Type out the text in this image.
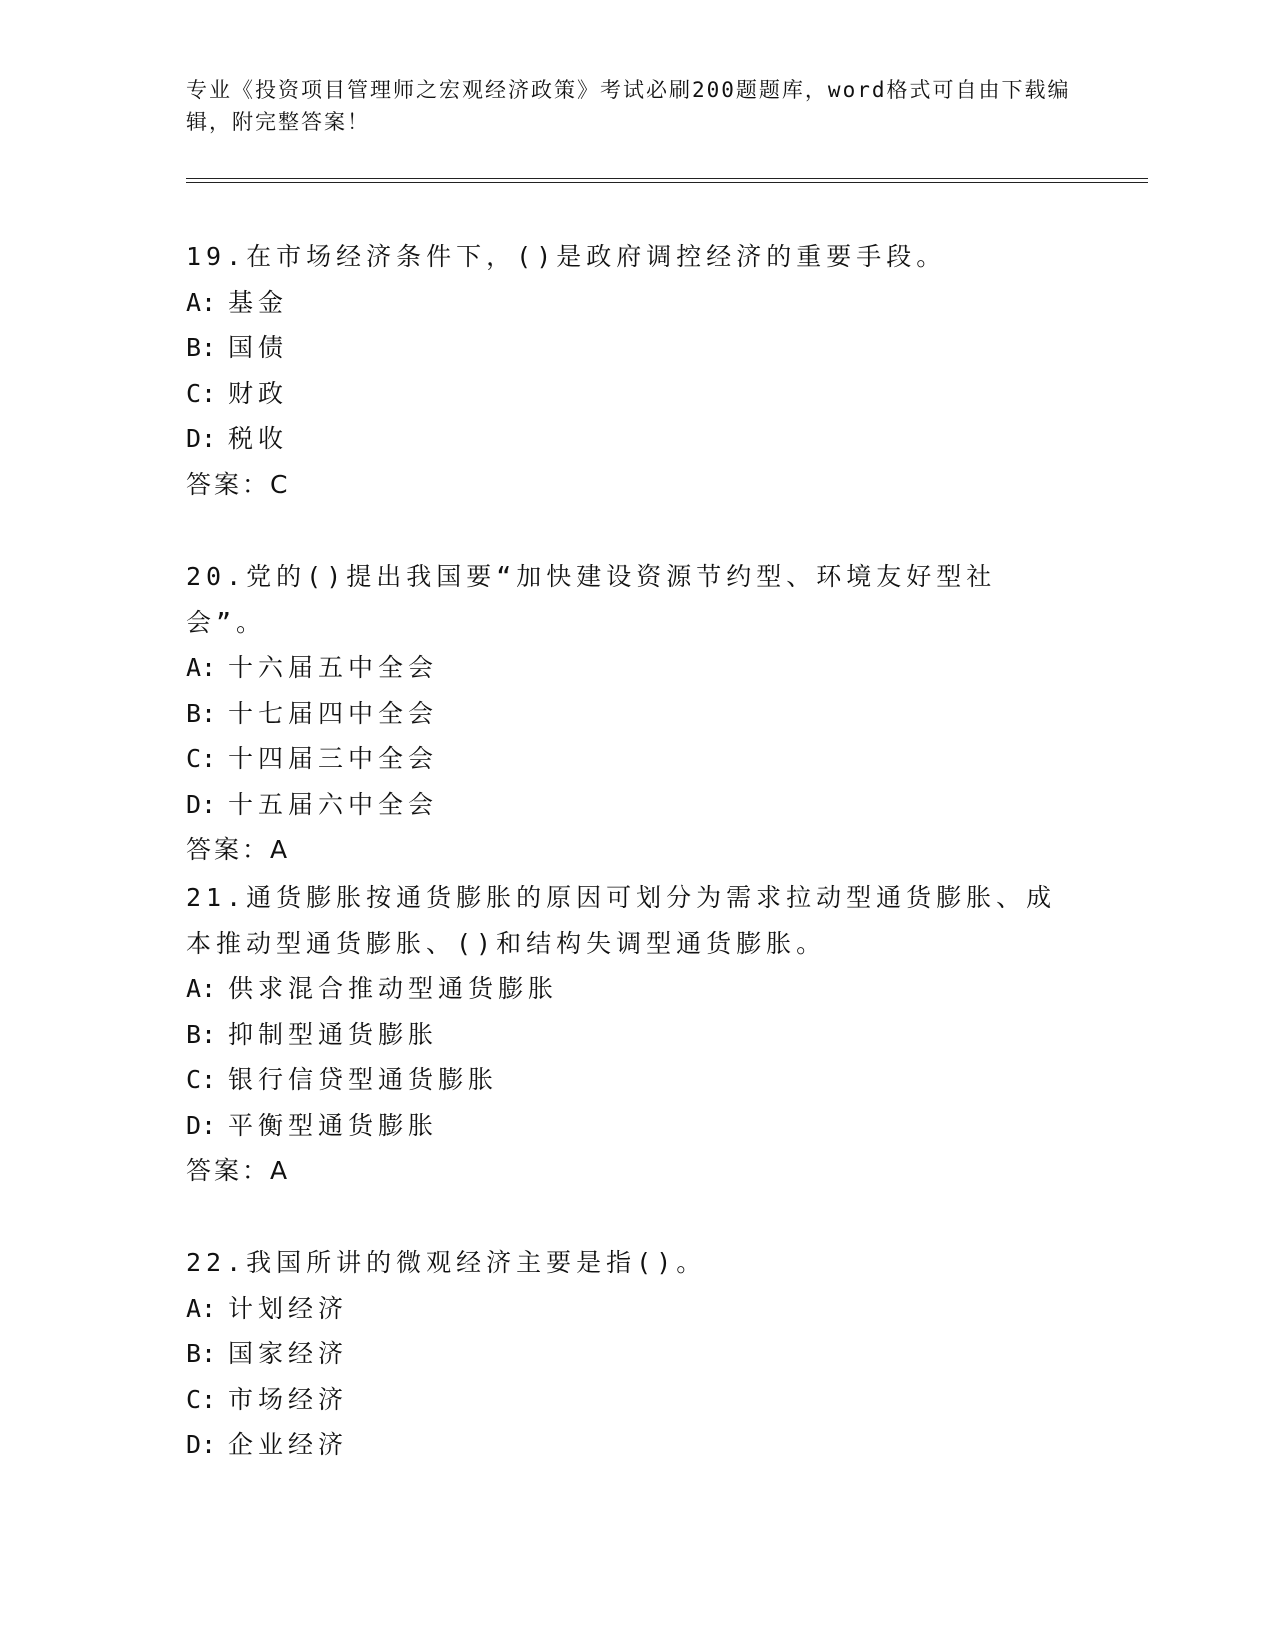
专业《投资项目管理师之宏观经济政策》考试必刷200题题库，word格式可自由下载编辑，附完整答案！
19.在市场经济条件下，()是政府调控经济的重要手段。
A: 基金
B: 国债
C: 财政
D: 税收
答案：C
20.党的()提出我国要“加快建设资源节约型、环境友好型社会”。
A: 十六届五中全会
B: 十七届四中全会
C: 十四届三中全会
D: 十五届六中全会
答案：A
21.通货膨胀按通货膨胀的原因可划分为需求拉动型通货膨胀、成本推动型通货膨胀、()和结构失调型通货膨胀。
A: 供求混合推动型通货膨胀
B: 抑制型通货膨胀
C: 银行信贷型通货膨胀
D: 平衡型通货膨胀
答案：A
22.我国所讲的微观经济主要是指()。
A: 计划经济
B: 国家经济
C: 市场经济
D: 企业经济
